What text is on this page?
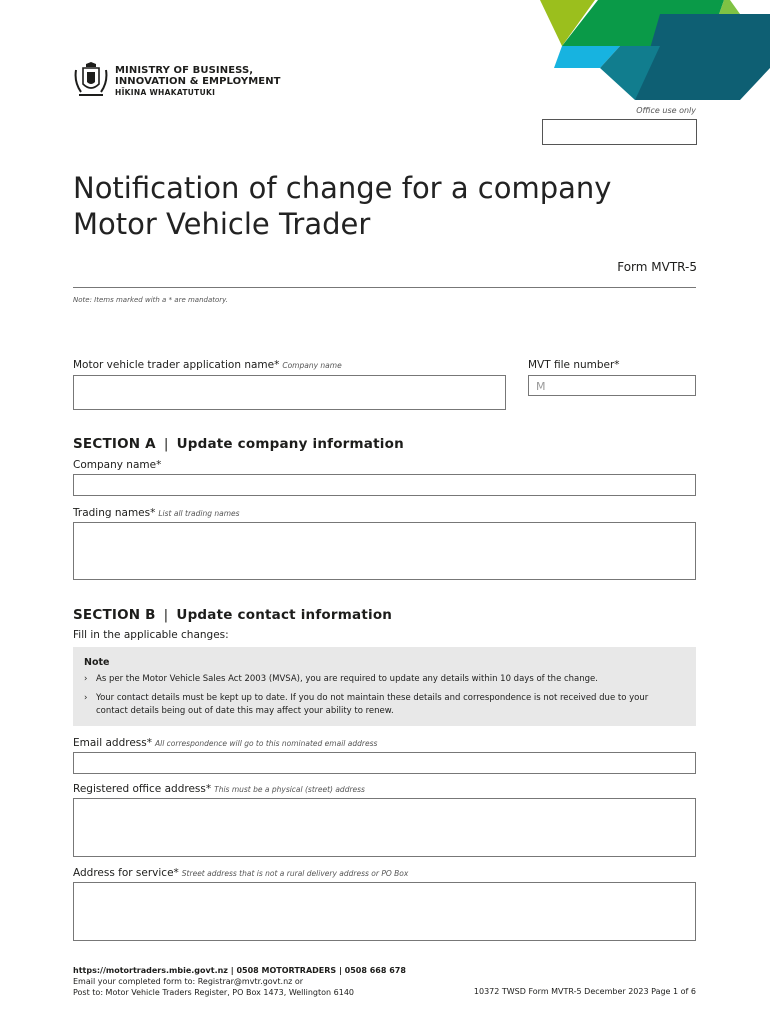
MINISTRY OF BUSINESS,
INNOVATION & EMPLOYMENT
HĪKINA WHAKATUTUKI
Office use only
Notification of change for a company
Motor Vehicle Trader
Form MVTR-5
Note: Items marked with a * are mandatory.
Motor vehicle trader application name* Company name	MVT file number*
M
SECTION A | Update company information
Company name*
Trading names* List all trading names
SECTION B | Update contact information
Fill in the applicable changes:
Note
› As per the Motor Vehicle Sales Act 2003 (MVSA), you are required to update any details within 10 days of the change.
› Your contact details must be kept up to date. If you do not maintain these details and correspondence is not received due to your contact details being out of date this may affect your ability to renew.
Email address* All correspondence will go to this nominated email address
Registered office address* This must be a physical (street) address
Address for service* Street address that is not a rural delivery address or PO Box
https://motortraders.mbie.govt.nz | 0508 MOTORTRADERS | 0508 668 678
Email your completed form to: Registrar@mvtr.govt.nz or
Post to: Motor Vehicle Traders Register, PO Box 1473, Wellington 6140	10372 TWSD Form MVTR-5 December 2023 Page 1 of 6
